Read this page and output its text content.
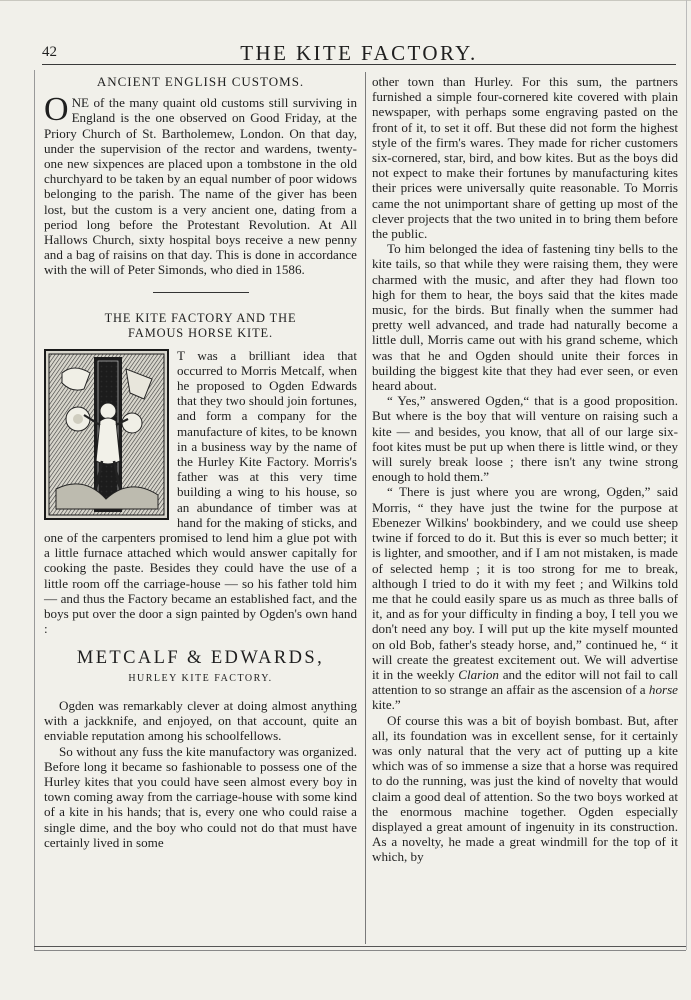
42	THE KITE FACTORY.
ANCIENT ENGLISH CUSTOMS.

ONE of the many quaint old customs still surviving in England is the one observed on Good Friday, at the Priory Church of St. Bartholemew, London. On that day, under the supervision of the rector and wardens, twenty-one new sixpences are placed upon a tombstone in the old churchyard to be taken by an equal number of poor widows belonging to the parish. The name of the giver has been lost, but the custom is a very ancient one, dating from a period long before the Protestant Revolution. At All Hallows Church, sixty hospital boys receive a new penny and a bag of raisins on that day. This is done in accordance with the will of Peter Simonds, who died in 1586.

THE KITE FACTORY AND THE
FAMOUS HORSE KITE.

T was a brilliant idea that occurred to Morris Metcalf, when he proposed to Ogden Edwards that they two should join fortunes, and form a company for the manufacture of kites, to be known in a business way by the name of the Hurley Kite Factory. Morris's father was at this very time building a wing to his house, so an abundance of timber was at hand for the making of sticks, and one of the carpenters promised to lend him a glue pot with a little furnace attached which would answer capitally for cooking the paste. Besides they could have the use of a little room off the carriage-house — so his father told him — and thus the Factory became an established fact, and the boys put over the door a sign painted by Ogden's own hand :

METCALF & EDWARDS,

HURLEY KITE FACTORY.

Ogden was remarkably clever at doing almost anything with a jackknife, and enjoyed, on that account, quite an enviable reputation among his schoolfellows.

So without any fuss the kite manufactory was organized. Before long it became so fashionable to possess one of the Hurley kites that you could have seen almost every boy in town coming away from the carriage-house with some kind of a kite in his hands; that is, every one who could raise a single dime, and the boy who could not do that must have certainly lived in some

other town than Hurley. For this sum, the partners furnished a simple four-cornered kite covered with plain newspaper, with perhaps some engraving pasted on the front of it, to set it off. But these did not form the highest style of the firm's wares. They made for richer customers six-cornered, star, bird, and bow kites. But as the boys did not expect to make their fortunes by manufacturing kites their prices were universally quite reasonable. To Morris came the not unimportant share of getting up most of the clever projects that the two united in to bring them before the public.

To him belonged the idea of fastening tiny bells to the kite tails, so that while they were raising them, they were charmed with the music, and after they had flown too high for them to hear, the boys said that the kites made music, for the birds. But finally when the summer had pretty well advanced, and trade had naturally become a little dull, Morris came out with his grand scheme, which was that he and Ogden should unite their forces in building the biggest kite that they had ever seen, or even heard about.

“ Yes,” answered Ogden,“ that is a good proposition. But where is the boy that will venture on raising such a kite — and besides, you know, that all of our large six-foot kites must be put up when there is little wind, or they will surely break loose ; there isn't any twine strong enough to hold them.”

“ There is just where you are wrong, Ogden,” said Morris, “ they have just the twine for the purpose at Ebenezer Wilkins' bookbindery, and we could use sheep twine if forced to do it. But this is ever so much better; it is lighter, and smoother, and if I am not mistaken, is made of selected hemp ; it is too strong for me to break, although I tried to do it with my feet ; and Wilkins told me that he could easily spare us as much as three balls of it, and as for your difficulty in finding a boy, I tell you we don't need any boy. I will put up the kite myself mounted on old Bob, father's steady horse, and,” continued he, “ it will create the greatest excitement out. We will advertise it in the weekly Clarion and the editor will not fail to call attention to so strange an affair as the ascension of a horse kite.”

Of course this was a bit of boyish bombast. But, after all, its foundation was in excellent sense, for it certainly was only natural that the very act of putting up a kite which was of so immense a size that a horse was required to do the running, was just the kind of novelty that would claim a good deal of attention. So the two boys worked at the enormous machine together. Ogden especially displayed a great amount of ingenuity in its construction. As a novelty, he made a great windmill for the top of it which, by
